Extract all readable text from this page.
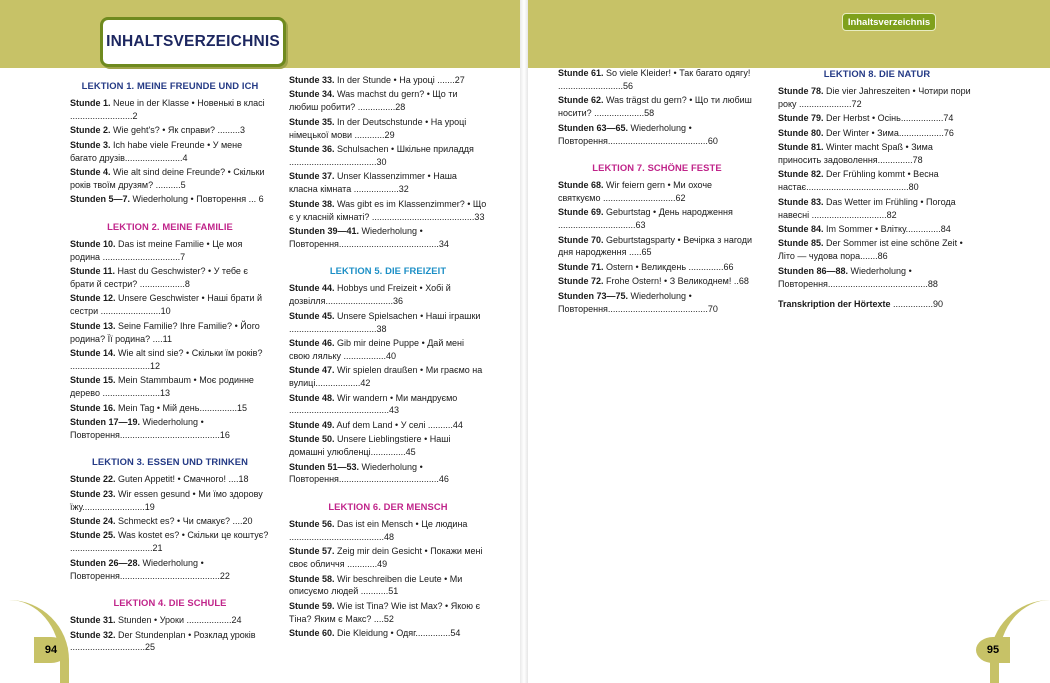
INHALTSVERZEICHNIS
Inhaltsverzeichnis
LEKTION 1. MEINE FREUNDE UND ICH
Stunde 1. Neue in der Klasse • Новенькі в класі .........................2
Stunde 2. Wie geht's? • Як справи? .........3
Stunde 3. Ich habe viele Freunde • У мене багато друзів.......................4
Stunde 4. Wie alt sind deine Freunde? • Скільки років твоїм друзям? ..........5
Stunden 5—7. Wiederholung • Повторення ... 6
LEKTION 2. MEINE FAMILIE
Stunde 10. Das ist meine Familie • Це моя родина ...............................7
Stunde 11. Hast du Geschwister? • У тебе є брати й сестри? ..................8
Stunde 12. Unsere Geschwister • Наші брати й сестри ........................10
Stunde 13. Seine Familie? Ihre Familie? • Його родина? Її родина? ....11
Stunde 14. Wie alt sind sie? • Скільки їм років? ................................12
Stunde 15. Mein Stammbaum • Моє родинне дерево .......................13
Stunde 16. Mein Tag • Мій день...............15
Stunden 17—19. Wiederholung • Повторення........................................16
LEKTION 3. ESSEN UND TRINKEN
Stunde 22. Guten Appetit! • Смачного! ....18
Stunde 23. Wir essen gesund • Ми їмо здорову їжу.........................19
Stunde 24. Schmeckt es? • Чи смакує? ....20
Stunde 25. Was kostet es? • Скільки це коштує? .................................21
Stunden 26—28. Wiederholung • Повторення........................................22
LEKTION 4. DIE SCHULE
Stunde 31. Stunden • Уроки ..................24
Stunde 32. Der Stundenplan • Розклад уроків ..............................25
Stunde 33. In der Stunde • На уроці .......27
Stunde 34. Was machst du gern? • Що ти любиш робити? ...............28
Stunde 35. In der Deutschstunde • На уроці німецької мови ............29
Stunde 36. Schulsachen • Шкільне приладдя ...................................30
Stunde 37. Unser Klassenzimmer • Наша класна кімната ..................32
Stunde 38. Was gibt es im Klassenzimmer? • Що є у класній кімнаті? .........................................33
Stunden 39—41. Wiederholung • Повторення........................................34
LEKTION 5. DIE FREIZEIT
Stunde 44. Hobbys und Freizeit • Хобі й дозвілля...........................36
Stunde 45. Unsere Spielsachen • Наші іграшки ...................................38
Stunde 46. Gib mir deine Puppe • Дай мені свою ляльку .................40
Stunde 47. Wir spielen draußen • Ми граємо на вулиці..................42
Stunde 48. Wir wandern • Ми мандруємо ........................................43
Stunde 49. Auf dem Land • У селі ..........44
Stunde 50. Unsere Lieblingstiere • Наші домашні улюбленці..............45
Stunden 51—53. Wiederholung • Повторення........................................46
LEKTION 6. DER MENSCH
Stunde 56. Das ist ein Mensch • Це людина ......................................48
Stunde 57. Zeig mir dein Gesicht • Покажи мені своє обличчя ............49
Stunde 58. Wir beschreiben die Leute • Ми описуємо людей ...........51
Stunde 59. Wie ist Tina? Wie ist Max? • Якою є Тіна? Яким є Макс? ....52
Stunde 60. Die Kleidung • Одяг..............54
Stunde 61. So viele Kleider! • Так багато одягу! ..........................56
Stunde 62. Was trägst du gern? • Що ти любиш носити? ....................58
Stunden 63—65. Wiederholung • Повторення........................................60
LEKTION 7. SCHÖNE FESTE
Stunde 68. Wir feiern gern • Ми охоче святкуємо .............................62
Stunde 69. Geburtstag • День народження ...............................63
Stunde 70. Geburtstagsparty • Вечірка з нагоди дня народження .....65
Stunde 71. Ostern • Великдень ..............66
Stunde 72. Frohe Ostern! • З Великоднем! ..68
Stunden 73—75. Wiederholung • Повторення........................................70
LEKTION 8. DIE NATUR
Stunde 78. Die vier Jahreszeiten • Чотири пори року .....................72
Stunde 79. Der Herbst • Осінь.................74
Stunde 80. Der Winter • Зима..................76
Stunde 81. Winter macht Spaß • Зима приносить задоволення..............78
Stunde 82. Der Frühling kommt • Весна настає.........................................80
Stunde 83. Das Wetter im Frühling • Погода навесні ..............................82
Stunde 84. Im Sommer • Влітку..............84
Stunde 85. Der Sommer ist eine schöne Zeit • Літо — чудова пора.......86
Stunden 86—88. Wiederholung • Повторення........................................88
Transkription der Hörtexte ................90
94	95
